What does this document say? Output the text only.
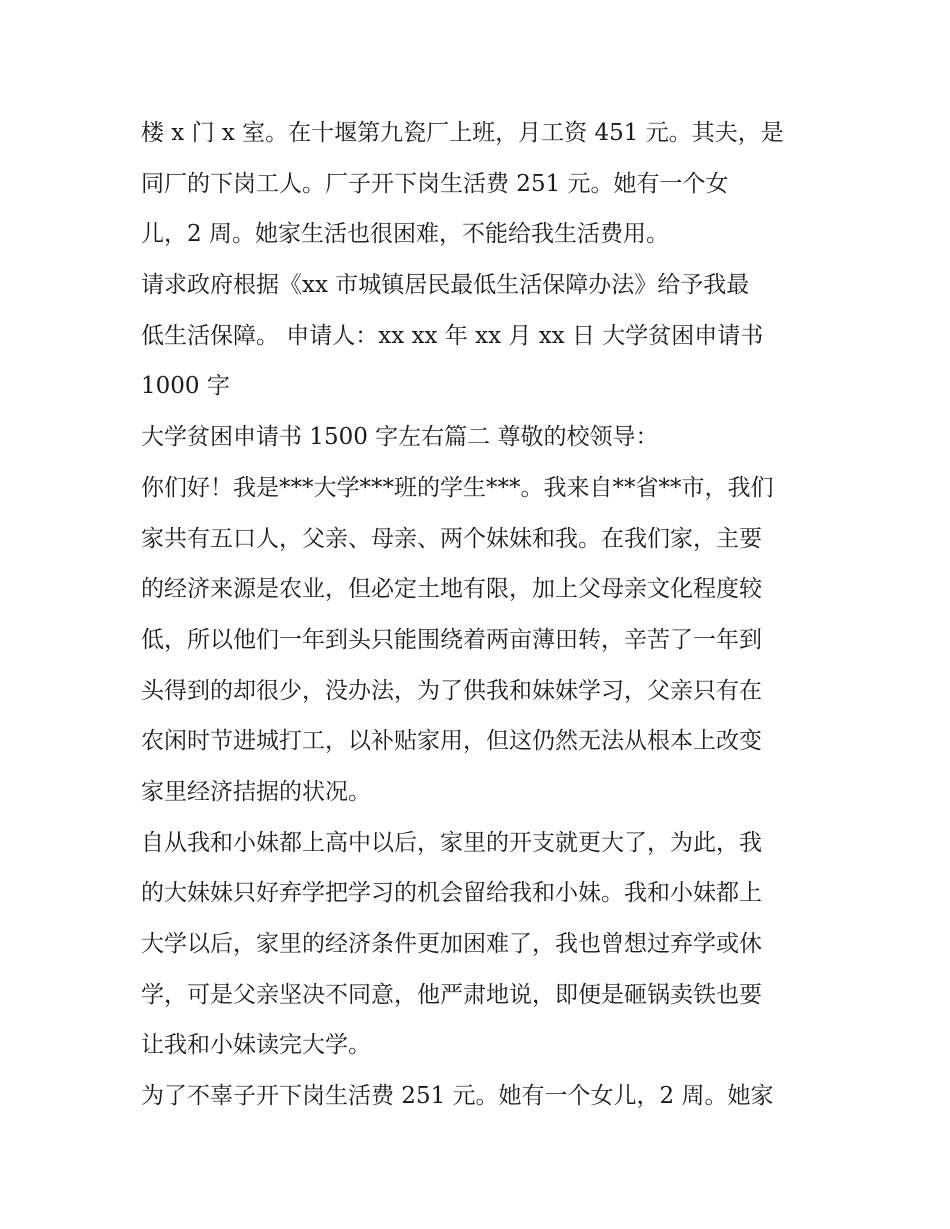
楼 x 门 x 室。在十堰第九瓷厂上班，月工资 451 元。其夫，是
同厂的下岗工人。厂子开下岗生活费 251 元。她有一个女
儿，2 周。她家生活也很困难，不能给我生活费用。
请求政府根据《xx 市城镇居民最低生活保障办法》给予我最
低生活保障。 申请人：xx xx 年 xx 月 xx 日 大学贫困申请书
1000 字
大学贫困申请书 1500 字左右篇二 尊敬的校领导：
你们好！我是***大学***班的学生***。我来自**省**市，我们
家共有五口人，父亲、母亲、两个妹妹和我。在我们家，主要
的经济来源是农业，但必定土地有限，加上父母亲文化程度较
低，所以他们一年到头只能围绕着两亩薄田转，辛苦了一年到
头得到的却很少，没办法，为了供我和妹妹学习，父亲只有在
农闲时节进城打工，以补贴家用，但这仍然无法从根本上改变
家里经济拮据的状况。
自从我和小妹都上高中以后，家里的开支就更大了，为此，我
的大妹妹只好弃学把学习的机会留给我和小妹。我和小妹都上
大学以后，家里的经济条件更加困难了，我也曾想过弃学或休
学，可是父亲坚决不同意，他严肃地说，即便是砸锅卖铁也要
让我和小妹读完大学。
为了不辜子开下岗生活费 251 元。她有一个女儿，2 周。她家
